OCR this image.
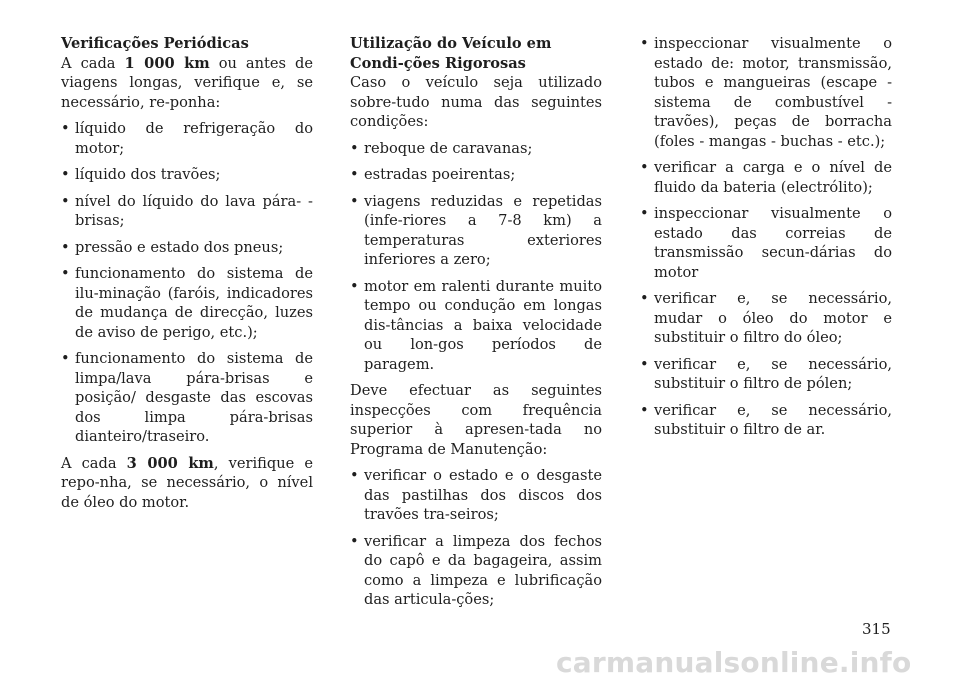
Verificações Periódicas

A cada 1 000 km ou antes de viagens longas, verifique e, se necessário, re-ponha:

• líquido de refrigeração do motor;
• líquido dos travões;
• nível do líquido do lava pára- -brisas;
• pressão e estado dos pneus;
• funcionamento do sistema de ilu-minação (faróis, indicadores de mudança de direcção, luzes de aviso de perigo, etc.);
• funcionamento do sistema de limpa/lava pára-brisas e posição/ desgaste das escovas dos limpa pára-brisas dianteiro/traseiro.

A cada 3 000 km, verifique e repo-nha, se necessário, o nível de óleo do motor.

Utilização do Veículo em Condi-ções Rigorosas

Caso o veículo seja utilizado sobre-tudo numa das seguintes condições:

• reboque de caravanas;
• estradas poeirentas;
• viagens reduzidas e repetidas (infe-riores a 7-8 km) a temperaturas exteriores inferiores a zero;
• motor em ralenti durante muito tempo ou condução em longas dis-tâncias a baixa velocidade ou lon-gos períodos de paragem.

Deve efectuar as seguintes inspecções com frequência superior à apresen-tada no Programa de Manutenção:

• verificar o estado e o desgaste das pastilhas dos discos dos travões tra-seiros;
• verificar a limpeza dos fechos do capô e da bagageira, assim como a limpeza e lubrificação das articula-ções;
• inspeccionar visualmente o estado de: motor, transmissão, tubos e mangueiras (escape - sistema de combustível - travões), peças de borracha (foles - mangas - buchas - etc.);
• verificar a carga e o nível de fluido da bateria (electrólito);
• inspeccionar visualmente o estado das correias de transmissão secun-dárias do motor
• verificar e, se necessário, mudar o óleo do motor e substituir o filtro do óleo;
• verificar e, se necessário, substituir o filtro de pólen;
• verificar e, se necessário, substituir o filtro de ar.
315
carmanualsonline.info
